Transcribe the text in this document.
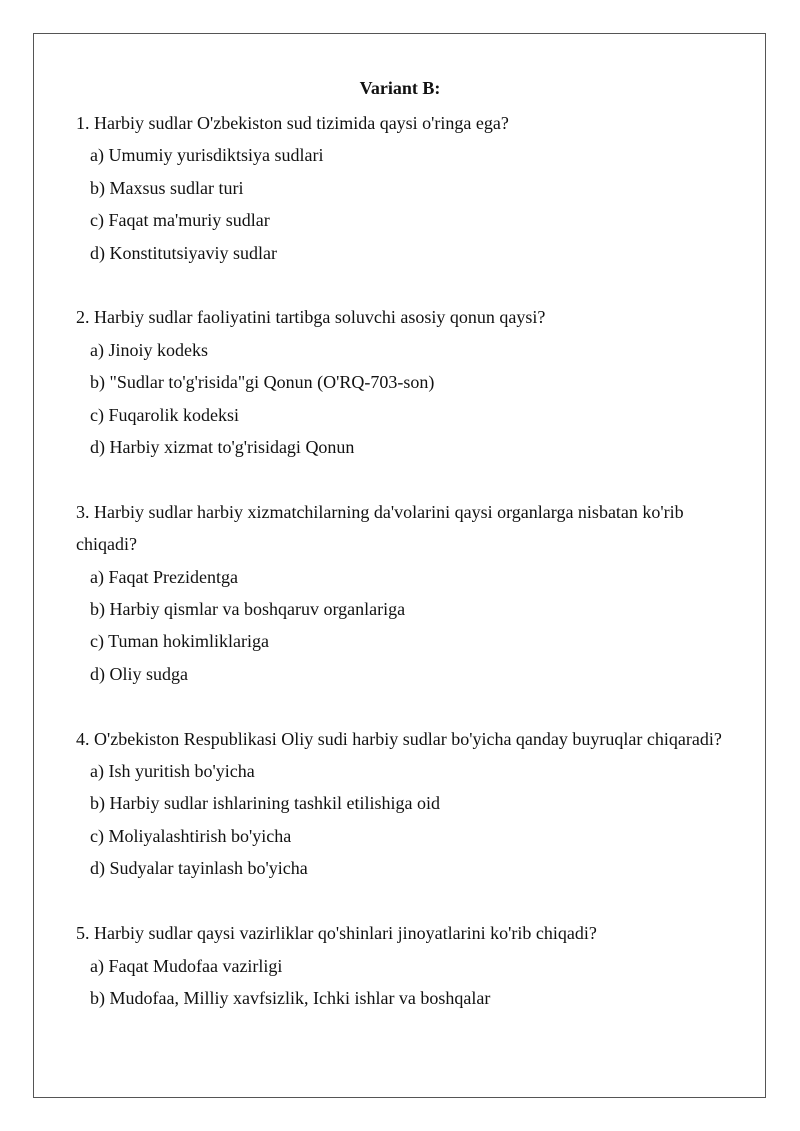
Variant B:

1. Harbiy sudlar O'zbekiston sud tizimida qaysi o'ringa ega?

a) Umumiy yurisdiktsiya sudlari

b) Maxsus sudlar turi

c) Faqat ma'muriy sudlar

d) Konstitutsiyaviy sudlar

2. Harbiy sudlar faoliyatini tartibga soluvchi asosiy qonun qaysi?

a) Jinoiy kodeks

b) "Sudlar to'g'risida"gi Qonun (O'RQ-703-son)

c) Fuqarolik kodeksi

d) Harbiy xizmat to'g'risidagi Qonun

3. Harbiy sudlar harbiy xizmatchilarning da'volarini qaysi organlarga nisbatan ko'rib chiqadi?

a) Faqat Prezidentga

b) Harbiy qismlar va boshqaruv organlariga

c) Tuman hokimliklariga

d) Oliy sudga

4. O'zbekiston Respublikasi Oliy sudi harbiy sudlar bo'yicha qanday buyruqlar chiqaradi?

a) Ish yuritish bo'yicha

b) Harbiy sudlar ishlarining tashkil etilishiga oid

c) Moliyalashtirish bo'yicha

d) Sudyalar tayinlash bo'yicha

5. Harbiy sudlar qaysi vazirliklar qo'shinlari jinoyatlarini ko'rib chiqadi?

a) Faqat Mudofaa vazirligi

b) Mudofaa, Milliy xavfsizlik, Ichki ishlar va boshqalar
